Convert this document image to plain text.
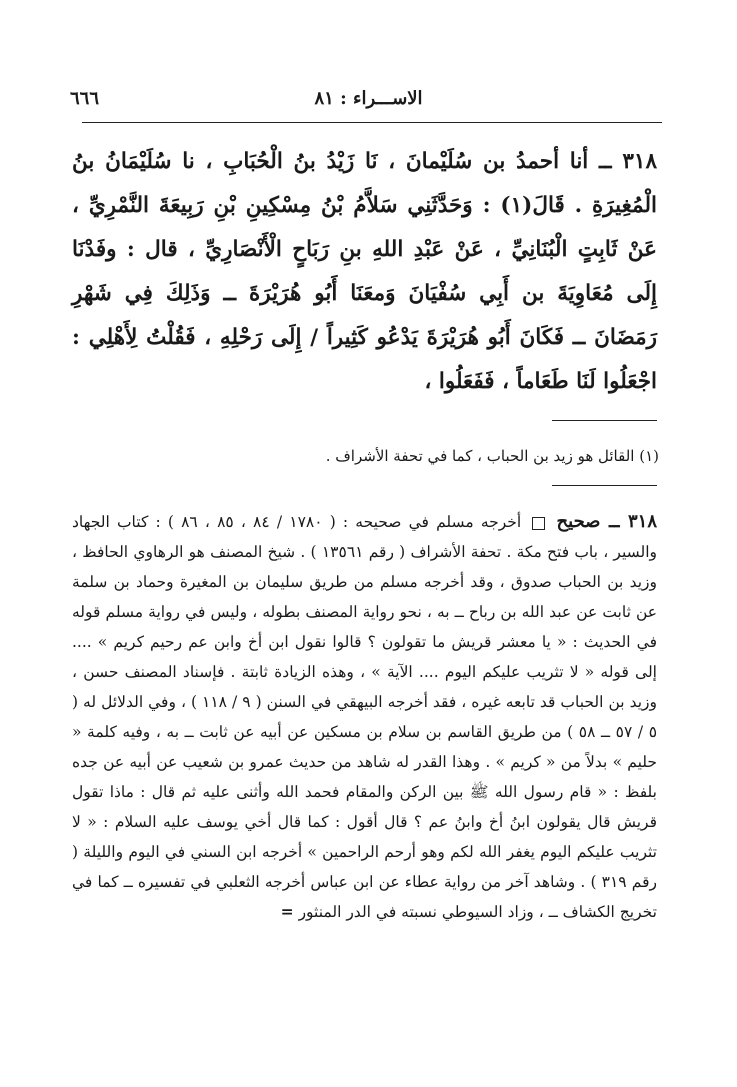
الاســـراء : ٨١
٦٦٦

٣١٨ ــ أنا أحمدُ بن سُلَيْمانَ ، نَا زَيْدُ بنُ الْحُبَابِ ، نا سُلَيْمَانُ بنُ الْمُغِيرَةِ . قَالَ(١) : وَحَدَّثَنِي سَلاَّمُ بْنُ مِسْكِينِ بْنِ رَبِيعَةَ النَّمْرِيِّ ، عَنْ ثَابِتٍ الْبُنَانِيِّ ، عَنْ عَبْدِ اللهِ بنِ رَبَاحٍ الْأَنْصَارِيِّ ، قال : وفَدْنَا إِلَى مُعَاوِيَةَ بن أَبِي سُفْيَانَ وَمعَنَا أَبُو هُرَيْرَةَ ــ وَذَلِكَ فِي شَهْرِ رَمَضَانَ ــ فَكَانَ أَبُو هُرَيْرَةَ يَدْعُو كَثِيراً / إِلَى رَحْلِهِ ، فَقُلْتُ لِأَهْلِي : اجْعَلُوا لَنَا طَعَاماً ، فَفَعَلُوا ،

(١) القائل هو زيد بن الحباب ، كما في تحفة الأشراف .

٣١٨ ــ صحيح  أخرجه مسلم في صحيحه : ( ١٧٨٠ / ٨٤ ، ٨٥ ، ٨٦ ) : كتاب الجهاد والسير ، باب فتح مكة . تحفة الأشراف ( رقم ١٣٥٦١ ) . شيخ المصنف هو الرهاوي الحافظ ، وزيد بن الحباب صدوق ، وقد أخرجه مسلم من طريق سليمان بن المغيرة وحماد بن سلمة عن ثابت عن عبد الله بن رباح ــ به ، نحو رواية المصنف بطوله ، وليس في رواية مسلم قوله في الحديث : « يا معشر قريش ما تقولون ؟ قالوا نقول ابن أخ وابن عم رحيم كريم » .... إلى قوله « لا تثريب عليكم اليوم .... الآية » ، وهذه الزيادة ثابتة . فإسناد المصنف حسن ، وزيد بن الحباب قد تابعه غيره ، فقد أخرجه البيهقي في السنن ( ٩ / ١١٨ ) ، وفي الدلائل له ( ٥ / ٥٧ ــ ٥٨ ) من طريق القاسم بن سلام بن مسكين عن أبيه عن ثابت ــ به ، وفيه كلمة « حليم » بدلاً من « كريم » . وهذا القدر له شاهد من حديث عمرو بن شعيب عن أبيه عن جده بلفظ : « قام رسول الله ﷺ بين الركن والمقام فحمد الله وأثنى عليه ثم قال : ماذا تقول قريش قال يقولون ابنُ أخ وابنُ عم ؟ قال أقول : كما قال أخي يوسف عليه السلام : « لا تثريب عليكم اليوم يغفر الله لكم وهو أرحم الراحمين » أخرجه ابن السني في اليوم والليلة ( رقم ٣١٩ ) . وشاهد آخر من رواية عطاء عن ابن عباس أخرجه الثعلبي في تفسيره ــ كما في تخريج الكشاف ــ ، وزاد السيوطي نسبته في الدر المنثور =
